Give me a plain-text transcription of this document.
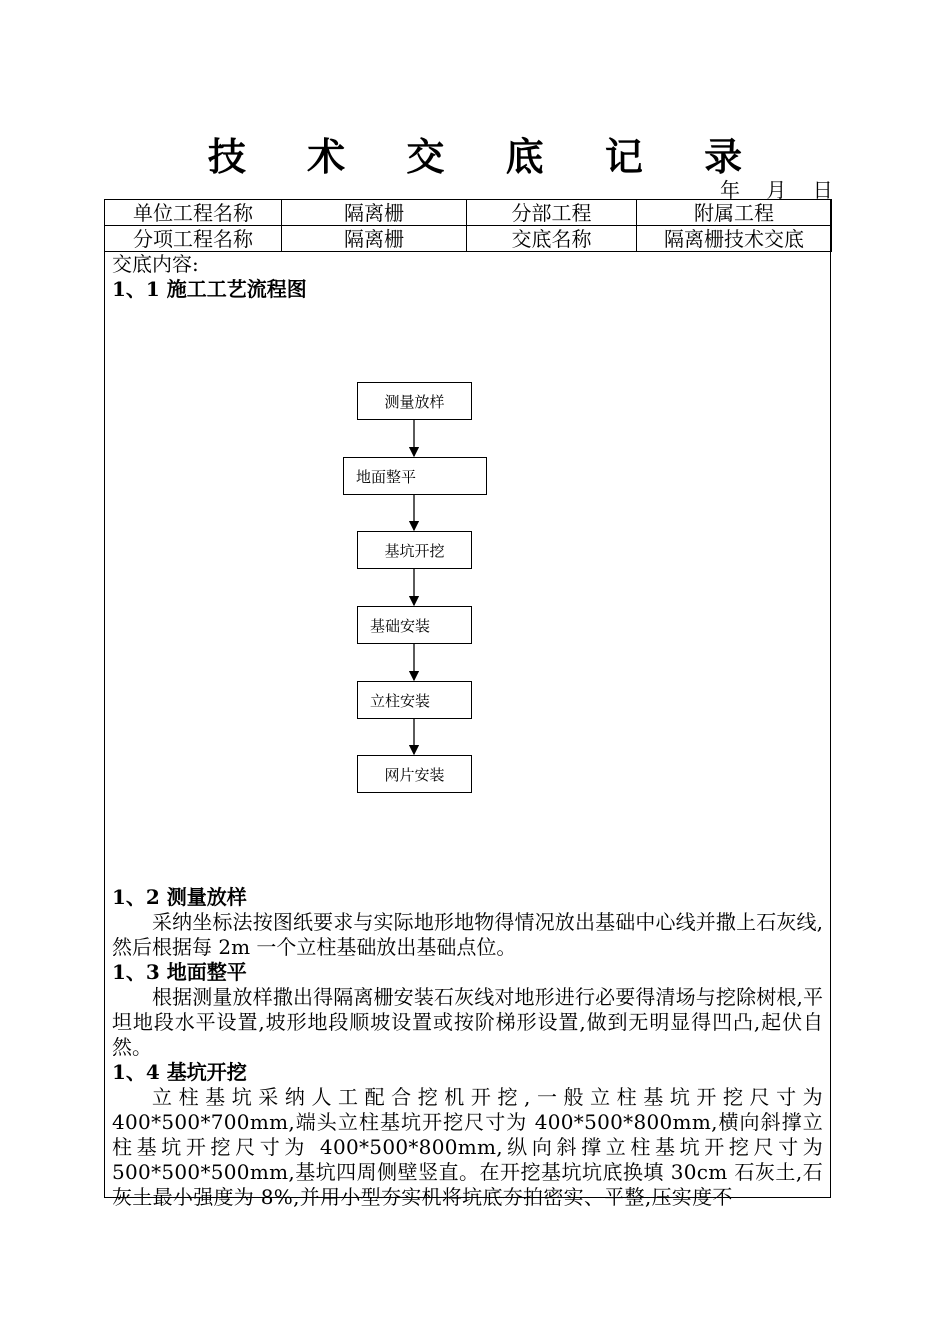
技 术 交 底 记 录
年 月 日
单位工程名称	隔离栅	分部工程	附属工程
分项工程名称	隔离栅	交底名称	隔离栅技术交底

交底内容:

1、1 施工工艺流程图

1、2 测量放样

采纳坐标法按图纸要求与实际地形地物得情况放出基础中心线并撒上石灰线,然后根据每 2m 一个立柱基础放出基础点位。

1、3 地面整平

根据测量放样撒出得隔离栅安装石灰线对地形进行必要得清场与挖除树根,平坦地段水平设置,坡形地段顺坡设置或按阶梯形设置,做到无明显得凹凸,起伏自然。

1、4 基坑开挖

立柱基坑采纳人工配合挖机开挖,一般立柱基坑开挖尺寸为 400*500*700mm,端头立柱基坑开挖尺寸为 400*500*800mm,横向斜撑立柱基坑开挖尺寸为 400*500*800mm,纵向斜撑立柱基坑开挖尺寸为 500*500*500mm,基坑四周侧壁竖直。在开挖基坑坑底换填 30cm 石灰土,石灰土最小强度为 8%,并用小型夯实机将坑底夯拍密实、平整,压实度不

测量放样
地面整平
基坑开挖
基础安装
立柱安装
网片安装
